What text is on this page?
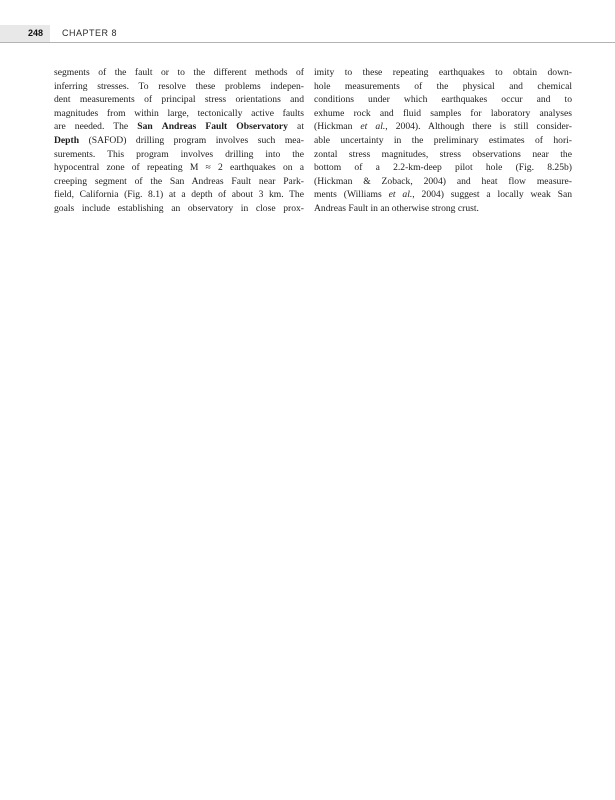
248	CHAPTER 8
segments of the fault or to the different methods of
inferring stresses. To resolve these problems indepen-
dent measurements of principal stress orientations and
magnitudes from within large, tectonically active faults
are needed. The San Andreas Fault Observatory at
Depth (SAFOD) drilling program involves such mea-
surements. This program involves drilling into the
hypocentral zone of repeating M ≈ 2 earthquakes on a
creeping segment of the San Andreas Fault near Park-
field, California (Fig. 8.1) at a depth of about 3 km. The
goals include establishing an observatory in close prox-
imity to these repeating earthquakes to obtain down-
hole measurements of the physical and chemical
conditions under which earthquakes occur and to
exhume rock and fluid samples for laboratory analyses
(Hickman et al., 2004). Although there is still consider-
able uncertainty in the preliminary estimates of hori-
zontal stress magnitudes, stress observations near the
bottom of a 2.2-km-deep pilot hole (Fig. 8.25b)
(Hickman & Zoback, 2004) and heat flow measure-
ments (Williams et al., 2004) suggest a locally weak San
Andreas Fault in an otherwise strong crust.
